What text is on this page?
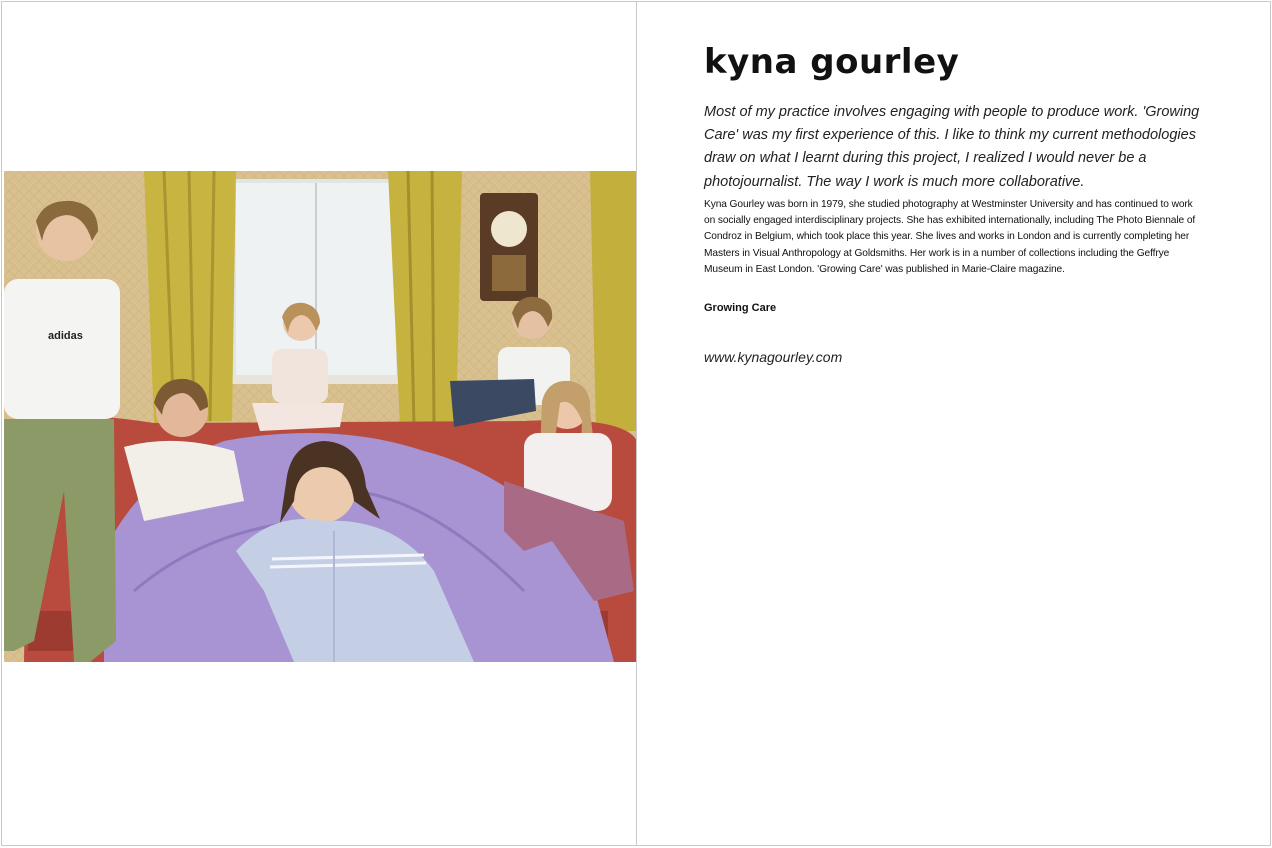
adidas
kyna gourley

Most of my practice involves engaging with people to produce work. 'Growing Care' was my first experience of this. I like to think my current methodologies draw on what I learnt during this project, I realized I would never be a photojournalist. The way I work is much more collaborative.

Kyna Gourley was born in 1979, she studied photography at Westminster University and has continued to work on socially engaged interdisciplinary projects. She has exhibited internationally, including The Photo Biennale of Condroz in Belgium, which took place this year. She lives and works in London and is currently completing her Masters in Visual Anthropology at Goldsmiths. Her work is in a number of collections including the Geffrye Museum in East London. 'Growing Care' was published in Marie-Claire magazine.

Growing Care

www.kynagourley.com
